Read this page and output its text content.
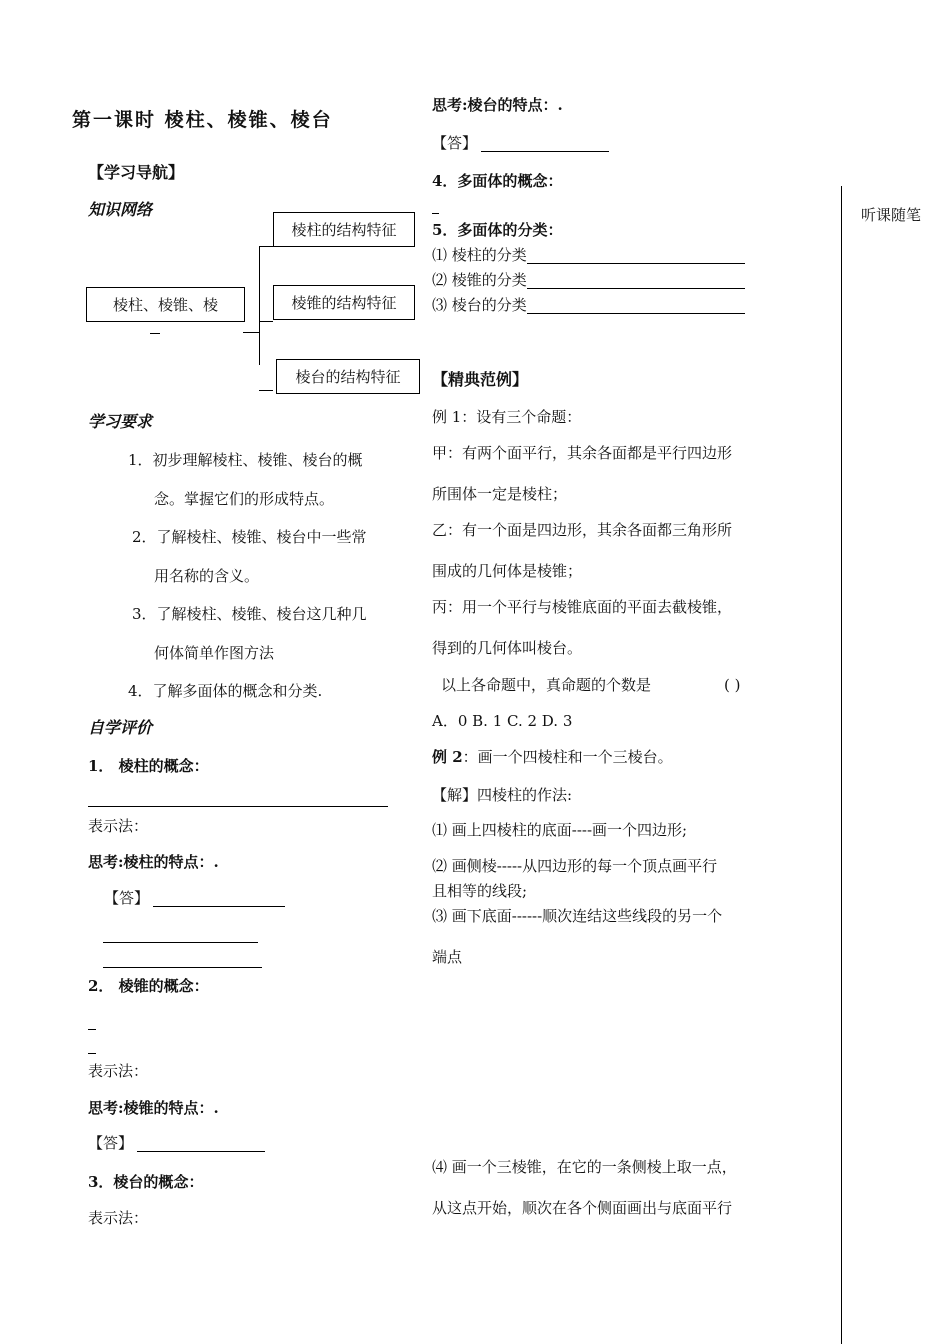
第一课时 棱柱、棱锥、棱台
【学习导航】
知识网络
棱柱、棱锥、棱
棱柱的结构特征
棱锥的结构特征
棱台的结构特征
学习要求
1．初步理解棱柱、棱锥、棱台的概
念。掌握它们的形成特点。
2．了解棱柱、棱锥、棱台中一些常
用名称的含义。
3．了解棱柱、棱锥、棱台这几种几
何体简单作图方法
4．了解多面体的概念和分类.
自学评价
1． 棱柱的概念：
表示法：
思考:棱柱的特点：.
【答】
2． 棱锥的概念：
表示法：
思考:棱锥的特点：.
【答】
3．棱台的概念：
表示法：
思考:棱台的特点：.
【答】
4．多面体的概念：
5．多面体的分类：
⑴ 棱柱的分类
⑵ 棱锥的分类
⑶ 棱台的分类
【精典范例】
例 1：设有三个命题：
甲：有两个面平行，其余各面都是平行四边形
所围体一定是棱柱；
乙：有一个面是四边形，其余各面都三角形所
围成的几何体是棱锥；
丙：用一个平行与棱锥底面的平面去截棱锥，
得到的几何体叫棱台。
以上各命题中，真命题的个数是	( )
A．0 B. 1 C. 2 D. 3
例 2：画一个四棱柱和一个三棱台。
【解】四棱柱的作法:
⑴ 画上四棱柱的底面----画一个四边形;
⑵ 画侧棱-----从四边形的每一个顶点画平行
且相等的线段;
⑶ 画下底面------顺次连结这些线段的另一个
端点
⑷ 画一个三棱锥，在它的一条侧棱上取一点，
从这点开始，顺次在各个侧面画出与底面平行
听课随笔
